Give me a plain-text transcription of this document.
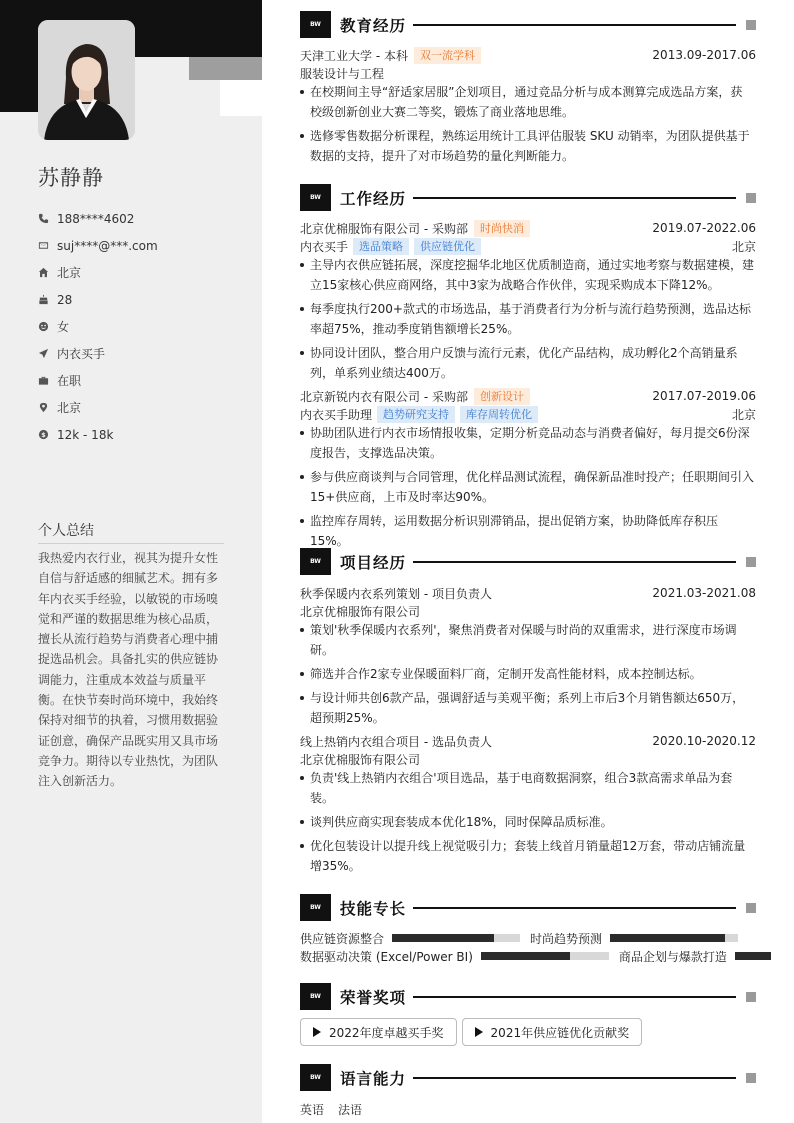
苏静静
188****4602
suj****@***.com
北京
28
女
内衣买手
在职
北京
$ 12k - 18k
个人总结
我热爱内衣行业，视其为提升女性自信与舒适感的细腻艺术。拥有多年内衣买手经验，以敏锐的市场嗅觉和严谨的数据思维为核心品质，擅长从流行趋势与消费者心理中捕捉选品机会。具备扎实的供应链协调能力，注重成本效益与质量平衡。在快节奏时尚环境中，我始终保持对细节的执着，习惯用数据验证创意，确保产品既实用又具市场竞争力。期待以专业热忱，为团队注入创新活力。
BW	教育经历
天津工业大学 - 本科	双一流学科	2013.09-2017.06
服装设计与工程
在校期间主导“舒适家居服”企划项目，通过竞品分析与成本测算完成选品方案，获校级创新创业大赛二等奖，锻炼了商业落地思维。
选修零售数据分析课程，熟练运用统计工具评估服装 SKU 动销率，为团队提供基于数据的支持，提升了对市场趋势的量化判断能力。
BW	工作经历
北京优棉服饰有限公司 - 采购部	时尚快消	2019.07-2022.06
内衣买手	选品策略	供应链优化	北京
主导内衣供应链拓展，深度挖掘华北地区优质制造商，通过实地考察与数据建模，建立15家核心供应商网络，其中3家为战略合作伙伴，实现采购成本下降12%。
每季度执行200+款式的市场选品，基于消费者行为分析与流行趋势预测，选品达标率超75%，推动季度销售额增长25%。
协同设计团队，整合用户反馈与流行元素，优化产品结构，成功孵化2个高销量系列，单系列业绩达400万。
北京新锐内衣有限公司 - 采购部	创新设计	2017.07-2019.06
内衣买手助理	趋势研究支持	库存周转优化	北京
协助团队进行内衣市场情报收集，定期分析竞品动态与消费者偏好，每月提交6份深度报告，支撑选品决策。
参与供应商谈判与合同管理，优化样品测试流程，确保新品准时投产；任职期间引入15+供应商，上市及时率达90%。
监控库存周转，运用数据分析识别滞销品，提出促销方案，协助降低库存积压15%。
BW	项目经历
秋季保暖内衣系列策划 - 项目负责人	2021.03-2021.08
北京优棉服饰有限公司
策划'秋季保暖内衣系列'，聚焦消费者对保暖与时尚的双重需求，进行深度市场调研。
筛选并合作2家专业保暖面料厂商，定制开发高性能材料，成本控制达标。
与设计师共创6款产品，强调舒适与美观平衡；系列上市后3个月销售额达650万，超预期25%。
线上热销内衣组合项目 - 选品负责人	2020.10-2020.12
北京优棉服饰有限公司
负责'线上热销内衣组合'项目选品，基于电商数据洞察，组合3款高需求单品为套装。
谈判供应商实现套装成本优化18%，同时保障品质标准。
优化包装设计以提升线上视觉吸引力；套装上线首月销量超12万套，带动店铺流量增35%。
BW	技能专长
供应链资源整合	时尚趋势预测
数据驱动决策 (Excel/Power BI)	商品企划与爆款打造
BW	荣誉奖项
2022年度卓越买手奖	2021年供应链优化贡献奖
BW	语言能力
英语 法语
